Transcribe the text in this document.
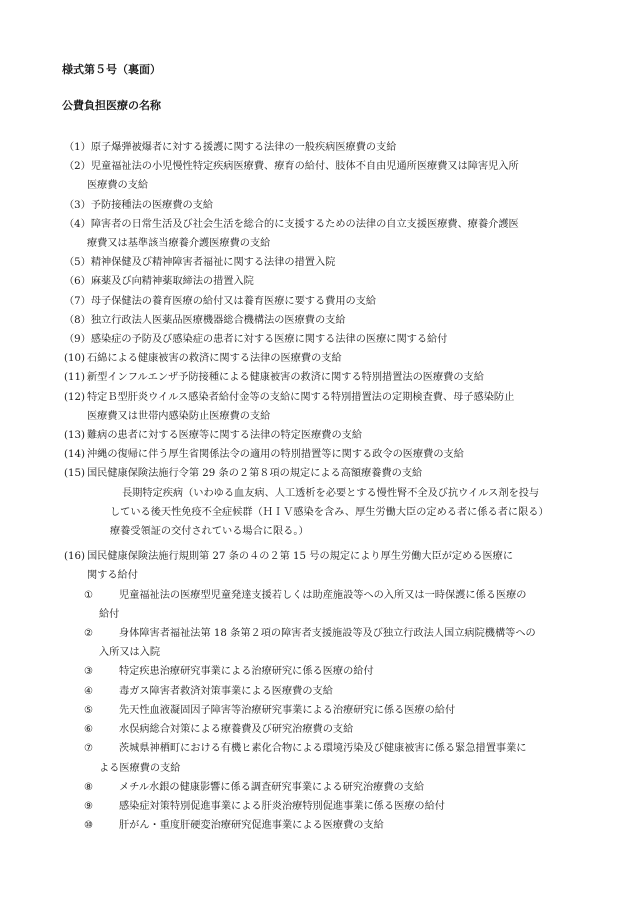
様式第５号（裏面）
公費負担医療の名称
（1） 原子爆弾被爆者に対する援護に関する法律の一般疾病医療費の支給
（2） 児童福祉法の小児慢性特定疾病医療費、療育の給付、肢体不自由児通所医療費又は障害児入所
医療費の支給
（3） 予防接種法の医療費の支給
（4） 障害者の日常生活及び社会生活を総合的に支援するための法律の自立支援医療費、療養介護医
療費又は基準該当療養介護医療費の支給
（5） 精神保健及び精神障害者福祉に関する法律の措置入院
（6） 麻薬及び向精神薬取締法の措置入院
（7） 母子保健法の養育医療の給付又は養育医療に要する費用の支給
（8） 独立行政法人医薬品医療機器総合機構法の医療費の支給
（9） 感染症の予防及び感染症の患者に対する医療に関する法律の医療に関する給付
(10) 石綿による健康被害の救済に関する法律の医療費の支給
(11) 新型インフルエンザ予防接種による健康被害の救済に関する特別措置法の医療費の支給
(12) 特定Ｂ型肝炎ウイルス感染者給付金等の支給に関する特別措置法の定期検査費、母子感染防止
医療費又は世帯内感染防止医療費の支給
(13) 難病の患者に対する医療等に関する法律の特定医療費の支給
(14) 沖縄の復帰に伴う厚生省関係法令の適用の特別措置等に関する政令の医療費の支給
(15) 国民健康保険法施行令第 29 条の２第８項の規定による高額療養費の支給
長期特定疾病（いわゆる血友病、人工透析を必要とする慢性腎不全及び抗ウイルス剤を投与
している後天性免疫不全症候群（ＨＩＶ感染を含み、厚生労働大臣の定める者に係る者に限る）
療養受領証の交付されている場合に限る。）
(16) 国民健康保険法施行規則第 27 条の４の２第 15 号の規定により厚生労働大臣が定める医療に
関する給付
①	児童福祉法の医療型児童発達支援若しくは助産施設等への入所又は一時保護に係る医療の
給付
②	身体障害者福祉法第 18 条第２項の障害者支援施設等及び独立行政法人国立病院機構等への
入所又は入院
③	特定疾患治療研究事業による治療研究に係る医療の給付
④	毒ガス障害者救済対策事業による医療費の支給
⑤	先天性血液凝固因子障害等治療研究事業による治療研究に係る医療の給付
⑥	水俣病総合対策による療養費及び研究治療費の支給
⑦	茨城県神栖町における有機ヒ素化合物による環境汚染及び健康被害に係る緊急措置事業に
よる医療費の支給
⑧	メチル水銀の健康影響に係る調査研究事業による研究治療費の支給
⑨	感染症対策特別促進事業による肝炎治療特別促進事業に係る医療の給付
⑩	肝がん・重度肝硬変治療研究促進事業による医療費の支給
